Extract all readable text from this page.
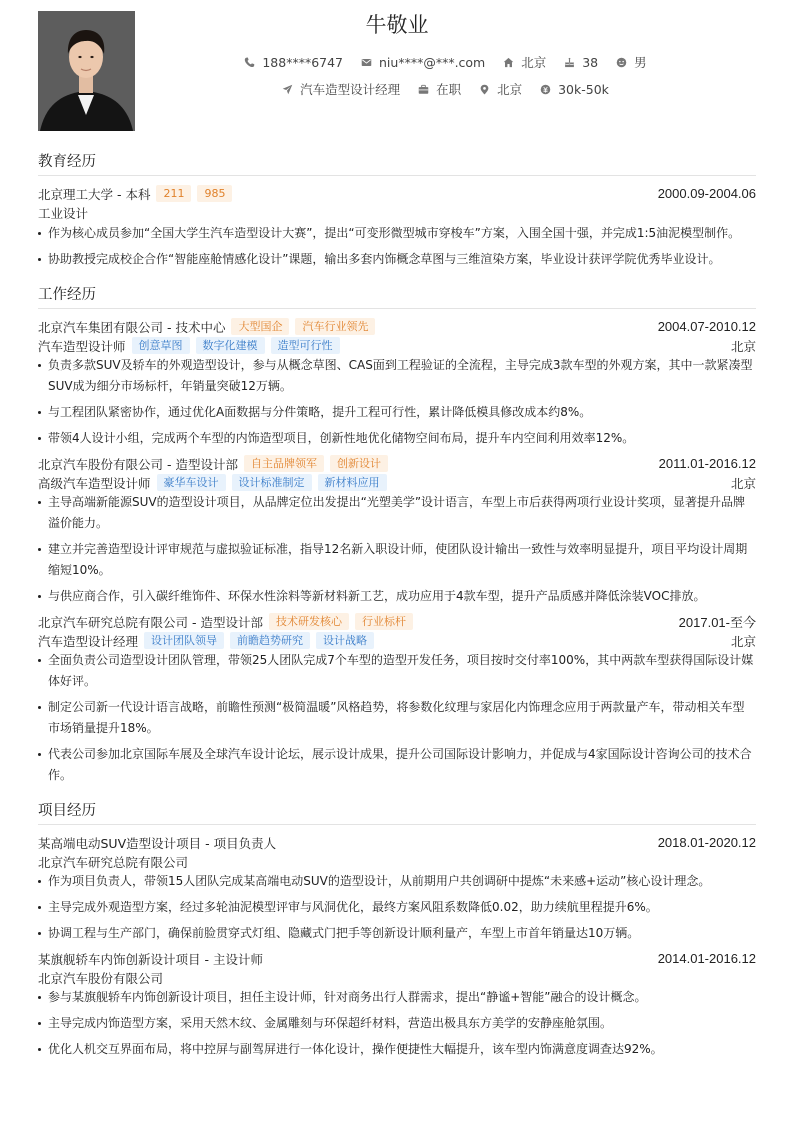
牛敬业
188****6747	niu****@***.com	北京	38	男
汽车造型设计经理	在职	北京	30k-50k
教育经历
北京理工大学 - 本科	211	985	2000.09-2004.06
工业设计
作为核心成员参加“全国大学生汽车造型设计大赛”，提出“可变形微型城市穿梭车”方案，入围全国十强，并完成1:5油泥模型制作。
协助教授完成校企合作“智能座舱情感化设计”课题，输出多套内饰概念草图与三维渲染方案，毕业设计获评学院优秀毕业设计。
工作经历
北京汽车集团有限公司 - 技术中心	大型国企	汽车行业领先	2004.07-2010.12
汽车造型设计师	创意草图	数字化建模	造型可行性	北京
负责多款SUV及轿车的外观造型设计，参与从概念草图、CAS面到工程验证的全流程，主导完成3款车型的外观方案，其中一款紧凑型SUV成为细分市场标杆，年销量突破12万辆。
与工程团队紧密协作，通过优化A面数据与分件策略，提升工程可行性，累计降低模具修改成本约8%。
带领4人设计小组，完成两个车型的内饰造型项目，创新性地优化储物空间布局，提升车内空间利用效率12%。
北京汽车股份有限公司 - 造型设计部	自主品牌领军	创新设计	2011.01-2016.12
高级汽车造型设计师	豪华车设计	设计标准制定	新材料应用	北京
主导高端新能源SUV的造型设计项目，从品牌定位出发提出“光塑美学”设计语言，车型上市后获得两项行业设计奖项，显著提升品牌溢价能力。
建立并完善造型设计评审规范与虚拟验证标准，指导12名新入职设计师，使团队设计输出一致性与效率明显提升，项目平均设计周期缩短10%。
与供应商合作，引入碳纤维饰件、环保水性涂料等新材料新工艺，成功应用于4款车型，提升产品质感并降低涂装VOC排放。
北京汽车研究总院有限公司 - 造型设计部	技术研发核心	行业标杆	2017.01-至今
汽车造型设计经理	设计团队领导	前瞻趋势研究	设计战略	北京
全面负责公司造型设计团队管理，带领25人团队完成7个车型的造型开发任务，项目按时交付率100%，其中两款车型获得国际设计媒体好评。
制定公司新一代设计语言战略，前瞻性预测“极简温暖”风格趋势，将参数化纹理与家居化内饰理念应用于两款量产车，带动相关车型市场销量提升18%。
代表公司参加北京国际车展及全球汽车设计论坛，展示设计成果，提升公司国际设计影响力，并促成与4家国际设计咨询公司的技术合作。
项目经历
某高端电动SUV造型设计项目 - 项目负责人	2018.01-2020.12
北京汽车研究总院有限公司
作为项目负责人，带领15人团队完成某高端电动SUV的造型设计，从前期用户共创调研中提炼“未来感+运动”核心设计理念。
主导完成外观造型方案，经过多轮油泥模型评审与风洞优化，最终方案风阻系数降低0.02，助力续航里程提升6%。
协调工程与生产部门，确保前脸贯穿式灯组、隐藏式门把手等创新设计顺利量产，车型上市首年销量达10万辆。
某旗舰轿车内饰创新设计项目 - 主设计师	2014.01-2016.12
北京汽车股份有限公司
参与某旗舰轿车内饰创新设计项目，担任主设计师，针对商务出行人群需求，提出“静谧+智能”融合的设计概念。
主导完成内饰造型方案，采用天然木纹、金属雕刻与环保超纤材料，营造出极具东方美学的安静座舱氛围。
优化人机交互界面布局，将中控屏与副驾屏进行一体化设计，操作便捷性大幅提升，该车型内饰满意度调查达92%。
